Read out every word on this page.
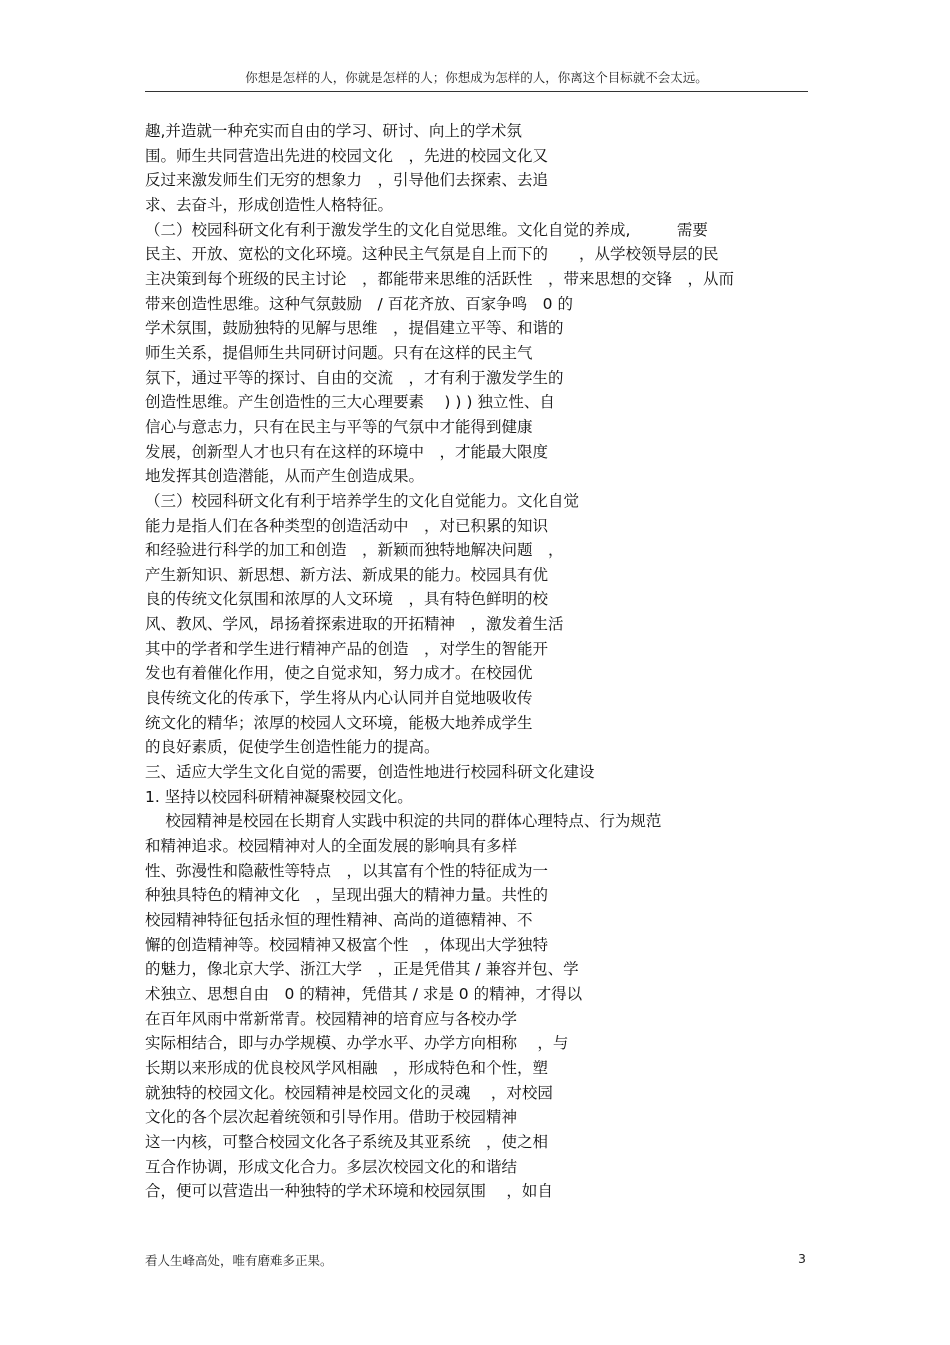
你想是怎样的人，你就是怎样的人；你想成为怎样的人，你离这个目标就不会太远。
趣,并造就一种充实而自由的学习、研讨、向上的学术氛
围。师生共同营造出先进的校园文化　，先进的校园文化又
反过来激发师生们无穷的想象力　，引导他们去探索、去追
求、去奋斗，形成创造性人格特征。
（二）校园科研文化有利于激发学生的文化自觉思维。文化自觉的养成,　　　需要
民主、开放、宽松的文化环境。这种民主气氛是自上而下的　　，从学校领导层的民
主决策到每个班级的民主讨论　，都能带来思维的活跃性　，带来思想的交锋　，从而
带来创造性思维。这种气氛鼓励　/ 百花齐放、百家争鸣　0 的
学术氛围，鼓励独特的见解与思维　，提倡建立平等、和谐的
师生关系，提倡师生共同研讨问题。只有在这样的民主气
氛下，通过平等的探讨、自由的交流　，才有利于激发学生的
创造性思维。产生创造性的三大心理要素　 ) ) ) 独立性、自
信心与意志力，只有在民主与平等的气氛中才能得到健康
发展，创新型人才也只有在这样的环境中　，才能最大限度
地发挥其创造潜能，从而产生创造成果。
（三）校园科研文化有利于培养学生的文化自觉能力。文化自觉
能力是指人们在各种类型的创造活动中　，对已积累的知识
和经验进行科学的加工和创造　，新颖而独特地解决问题　，
产生新知识、新思想、新方法、新成果的能力。校园具有优
良的传统文化氛围和浓厚的人文环境　，具有特色鲜明的校
风、教风、学风，昂扬着探索进取的开拓精神　，激发着生活
其中的学者和学生进行精神产品的创造　，对学生的智能开
发也有着催化作用，使之自觉求知，努力成才。在校园优
良传统文化的传承下，学生将从内心认同并自觉地吸收传
统文化的精华；浓厚的校园人文环境，能极大地养成学生
的良好素质，促使学生创造性能力的提高。
三、适应大学生文化自觉的需要，创造性地进行校园科研文化建设
1. 坚持以校园科研精神凝聚校园文化。
　 校园精神是校园在长期育人实践中积淀的共同的群体心理特点、行为规范
和精神追求。校园精神对人的全面发展的影响具有多样
性、弥漫性和隐蔽性等特点　，以其富有个性的特征成为一
种独具特色的精神文化　，呈现出强大的精神力量。共性的
校园精神特征包括永恒的理性精神、高尚的道德精神、不
懈的创造精神等。校园精神又极富个性　，体现出大学独特
的魅力，像北京大学、浙江大学　，正是凭借其 / 兼容并包、学
术独立、思想自由　0 的精神，凭借其 / 求是 0 的精神，才得以
在百年风雨中常新常青。校园精神的培育应与各校办学
实际相结合，即与办学规模、办学水平、办学方向相称　 ，与
长期以来形成的优良校风学风相融　，形成特色和个性，塑
就独特的校园文化。校园精神是校园文化的灵魂　 ，对校园
文化的各个层次起着统领和引导作用。借助于校园精神
这一内核，可整合校园文化各子系统及其亚系统　，使之相
互合作协调，形成文化合力。多层次校园文化的和谐结
合，便可以营造出一种独特的学术环境和校园氛围　 ，如自
看人生峰高处，唯有磨难多正果。	3
